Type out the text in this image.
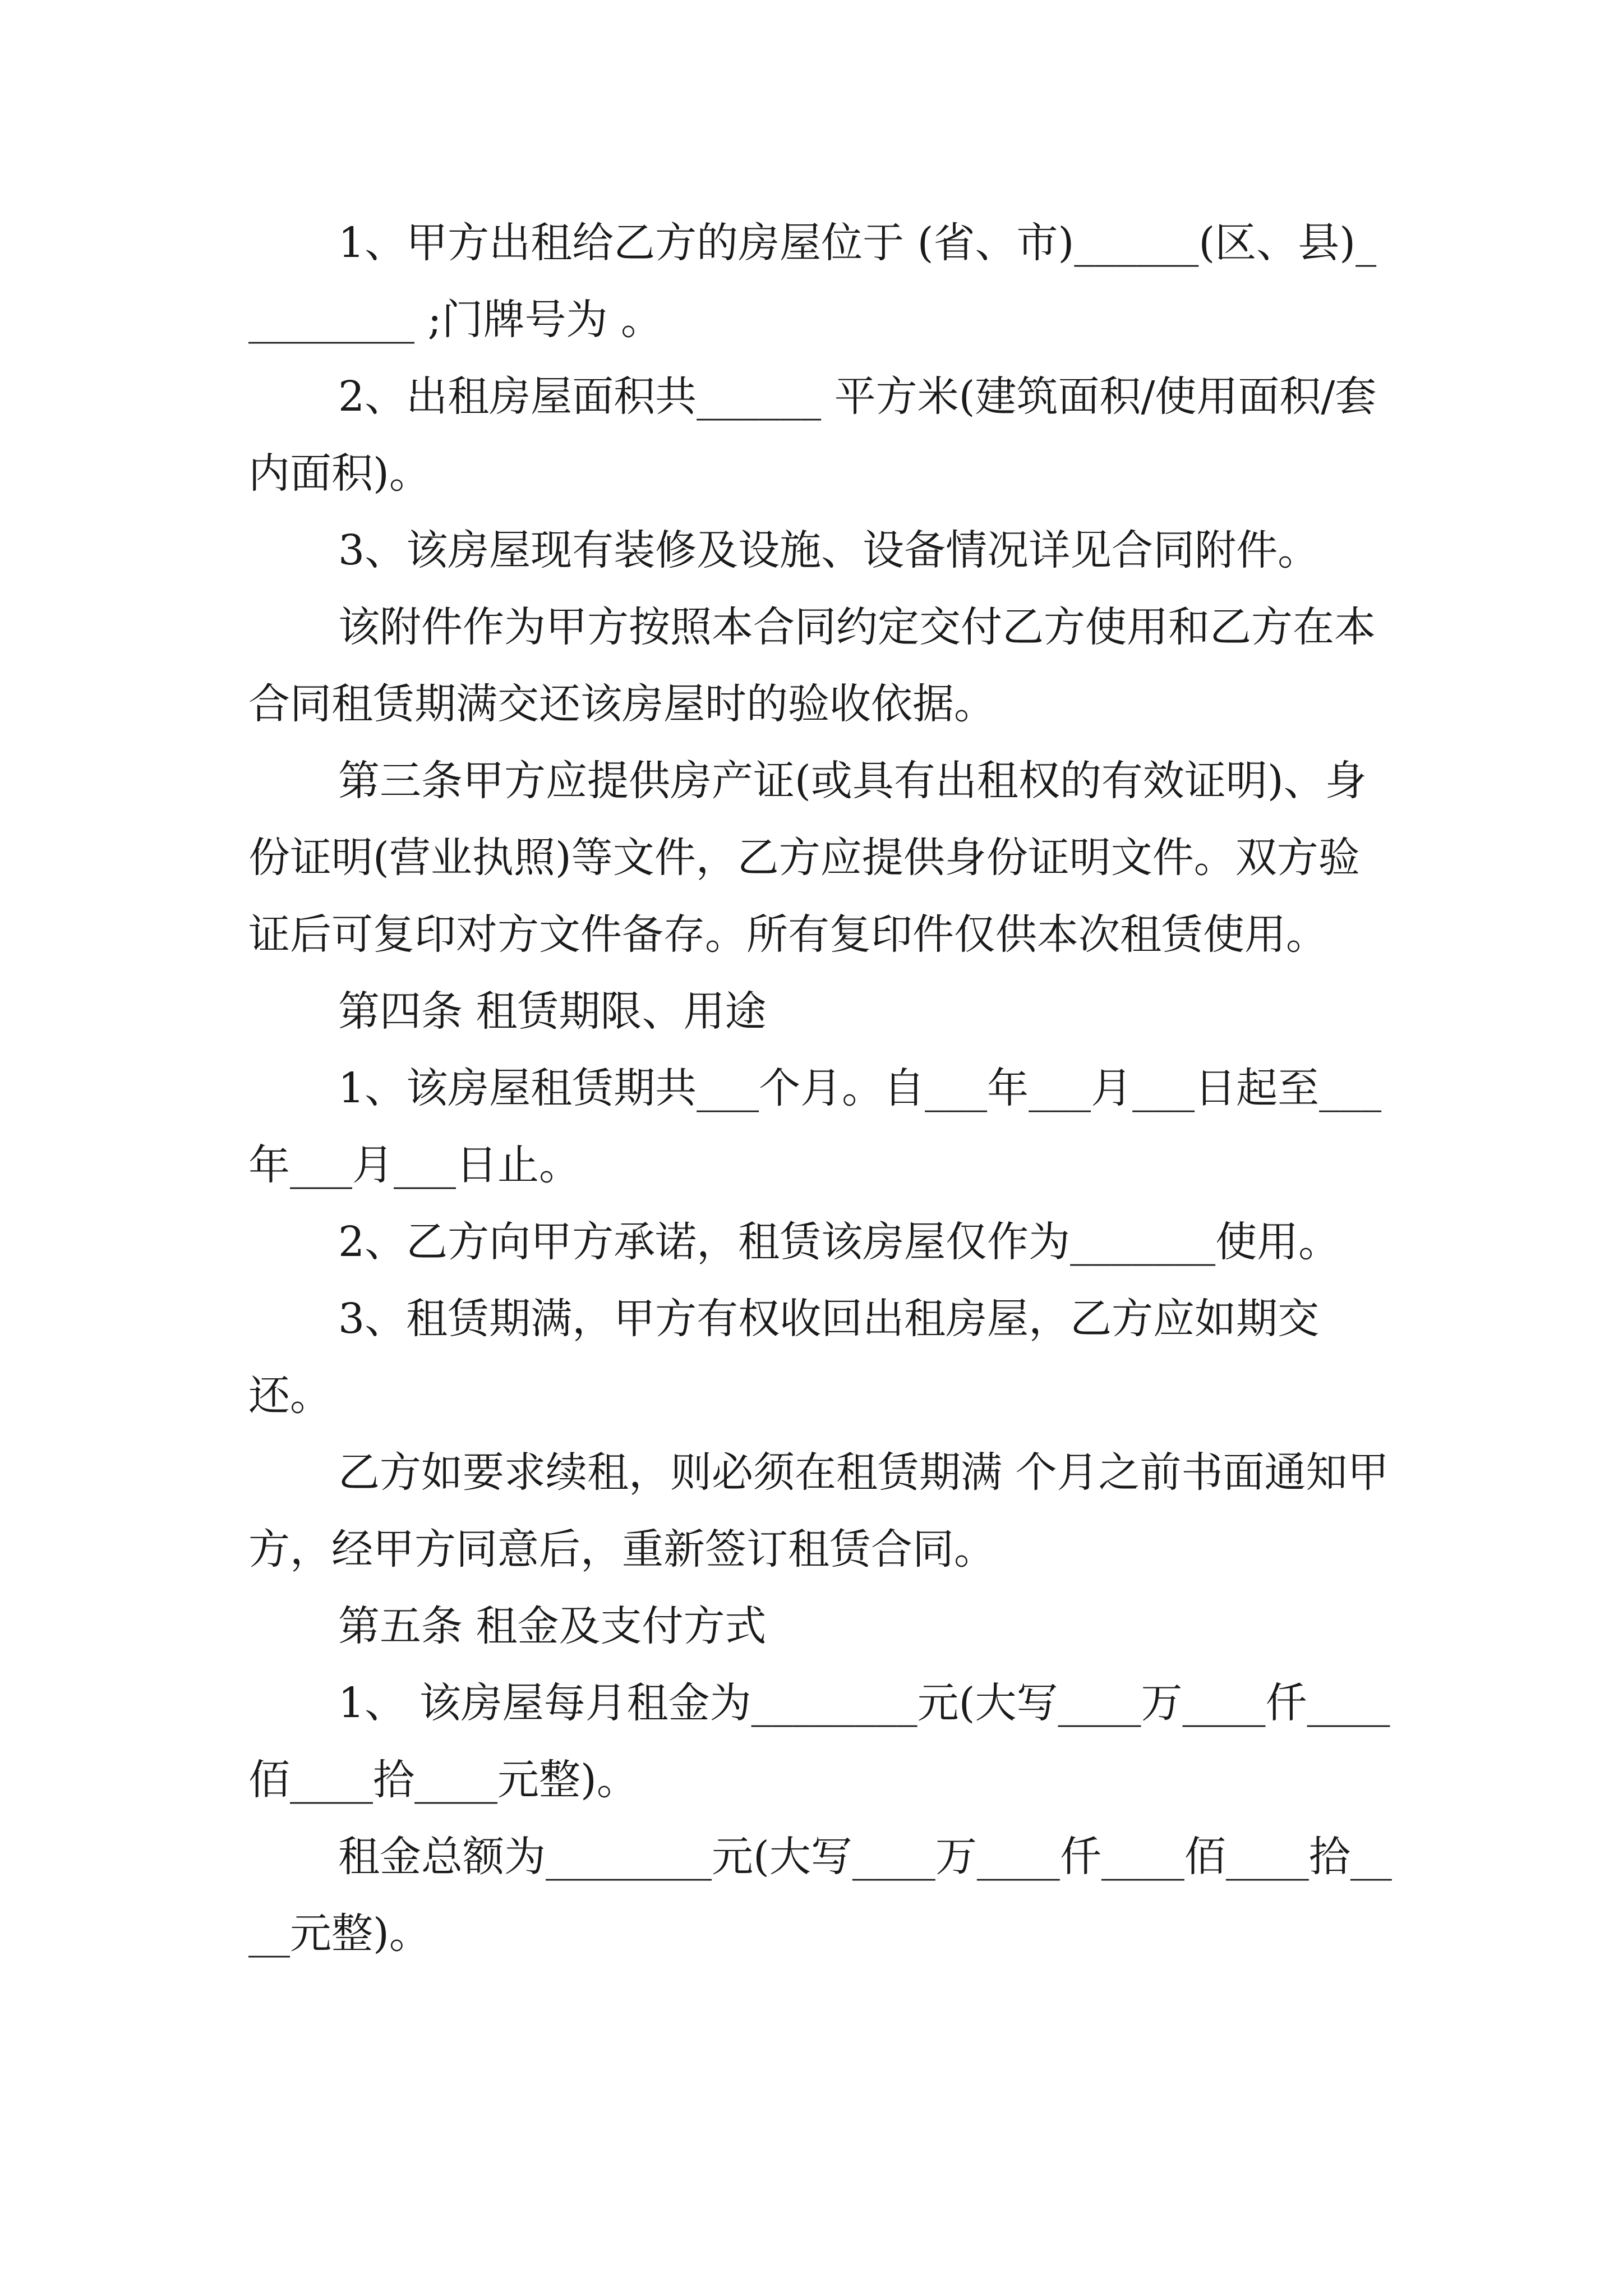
1、甲方出租给乙方的房屋位于 (省、市)______(区、县)_________ ;门牌号为 。

2、出租房屋面积共______ 平方米(建筑面积/使用面积/套内面积)。

3、该房屋现有装修及设施、设备情况详见合同附件。

该附件作为甲方按照本合同约定交付乙方使用和乙方在本合同租赁期满交还该房屋时的验收依据。

第三条甲方应提供房产证(或具有出租权的有效证明)、身份证明(营业执照)等文件，乙方应提供身份证明文件。双方验证后可复印对方文件备存。所有复印件仅供本次租赁使用。

第四条 租赁期限、用途

1、该房屋租赁期共___个月。自___年___月___日起至___年___月___日止。

2、乙方向甲方承诺，租赁该房屋仅作为_______使用。

3、租赁期满，甲方有权收回出租房屋，乙方应如期交还。

乙方如要求续租，则必须在租赁期满 个月之前书面通知甲方，经甲方同意后，重新签订租赁合同。

第五条 租金及支付方式

1、 该房屋每月租金为________元(大写____万____仟____佰____拾____元整)。

租金总额为________元(大写____万____仟____佰____拾____元整)。
